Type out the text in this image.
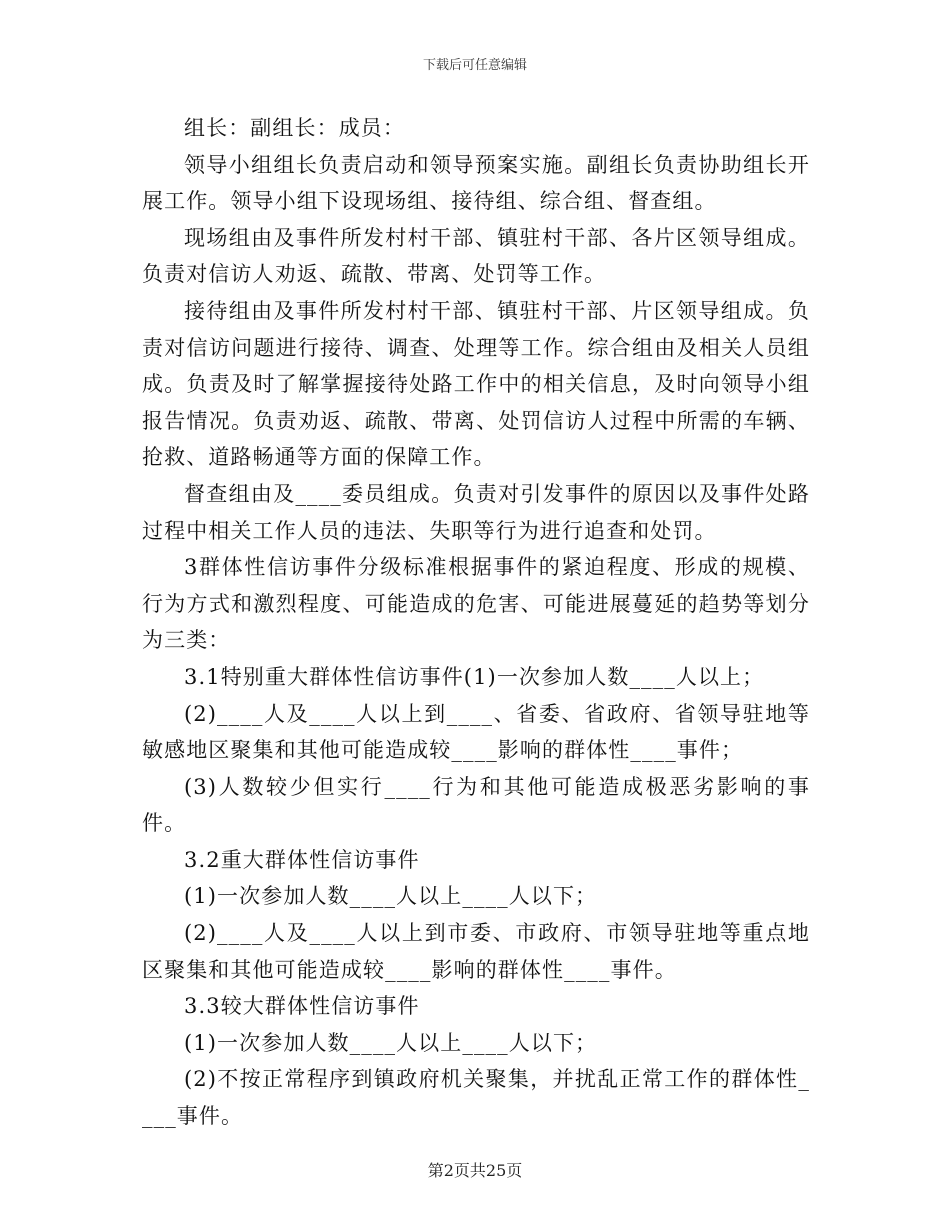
下载后可任意编辑

组长：副组长：成员：

领导小组组长负责启动和领导预案实施。副组长负责协助组长开展工作。领导小组下设现场组、接待组、综合组、督查组。

现场组由及事件所发村村干部、镇驻村干部、各片区领导组成。负责对信访人劝返、疏散、带离、处罚等工作。

接待组由及事件所发村村干部、镇驻村干部、片区领导组成。负责对信访问题进行接待、调查、处理等工作。综合组由及相关人员组成。负责及时了解掌握接待处路工作中的相关信息，及时向领导小组报告情况。负责劝返、疏散、带离、处罚信访人过程中所需的车辆、抢救、道路畅通等方面的保障工作。

督查组由及____委员组成。负责对引发事件的原因以及事件处路过程中相关工作人员的违法、失职等行为进行追查和处罚。

3群体性信访事件分级标准根据事件的紧迫程度、形成的规模、行为方式和激烈程度、可能造成的危害、可能进展蔓延的趋势等划分为三类：

3.1特别重大群体性信访事件(1)一次参加人数____人以上；

(2)____人及____人以上到____、省委、省政府、省领导驻地等敏感地区聚集和其他可能造成较____影响的群体性____事件；

(3)人数较少但实行____行为和其他可能造成极恶劣影响的事件。

3.2重大群体性信访事件

(1)一次参加人数____人以上____人以下；

(2)____人及____人以上到市委、市政府、市领导驻地等重点地区聚集和其他可能造成较____影响的群体性____事件。

3.3较大群体性信访事件

(1)一次参加人数____人以上____人以下；

(2)不按正常程序到镇政府机关聚集，并扰乱正常工作的群体性____事件。

第2页共25页
